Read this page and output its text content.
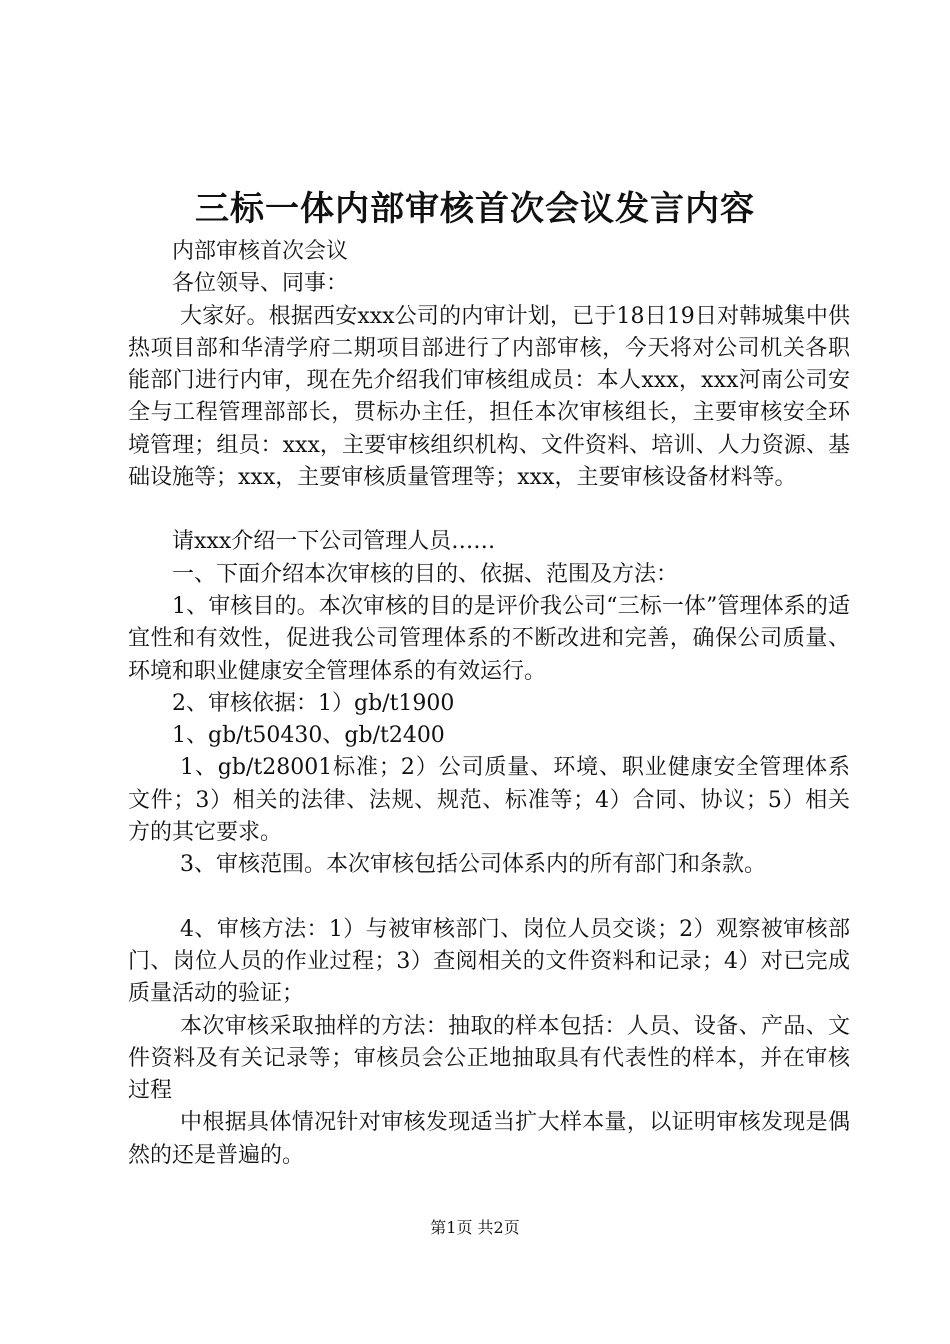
三标一体内部审核首次会议发言内容

内部审核首次会议

各位领导、同事：

大家好。根据西安xxx公司的内审计划，已于18日19日对韩城集中供热项目部和华清学府二期项目部进行了内部审核，今天将对公司机关各职能部门进行内审，现在先介绍我们审核组成员：本人xxx，xxx河南公司安全与工程管理部部长，贯标办主任，担任本次审核组长，主要审核安全环境管理；组员：xxx，主要审核组织机构、文件资料、培训、人力资源、基础设施等；xxx，主要审核质量管理等；xxx，主要审核设备材料等。

请xxx介绍一下公司管理人员……

一、下面介绍本次审核的目的、依据、范围及方法：

1、审核目的。本次审核的目的是评价我公司“三标一体”管理体系的适宜性和有效性，促进我公司管理体系的不断改进和完善，确保公司质量、环境和职业健康安全管理体系的有效运行。

2、审核依据：1）gb/t1900

1、gb/t50430、gb/t2400

1、gb/t28001标准；2）公司质量、环境、职业健康安全管理体系文件；3）相关的法律、法规、规范、标准等；4）合同、协议；5）相关方的其它要求。

3、审核范围。本次审核包括公司体系内的所有部门和条款。

4、审核方法：1）与被审核部门、岗位人员交谈；2）观察被审核部门、岗位人员的作业过程；3）查阅相关的文件资料和记录；4）对已完成质量活动的验证；

本次审核采取抽样的方法：抽取的样本包括：人员、设备、产品、文件资料及有关记录等；审核员会公正地抽取具有代表性的样本，并在审核过程

中根据具体情况针对审核发现适当扩大样本量，以证明审核发现是偶然的还是普遍的。

第1页 共2页
